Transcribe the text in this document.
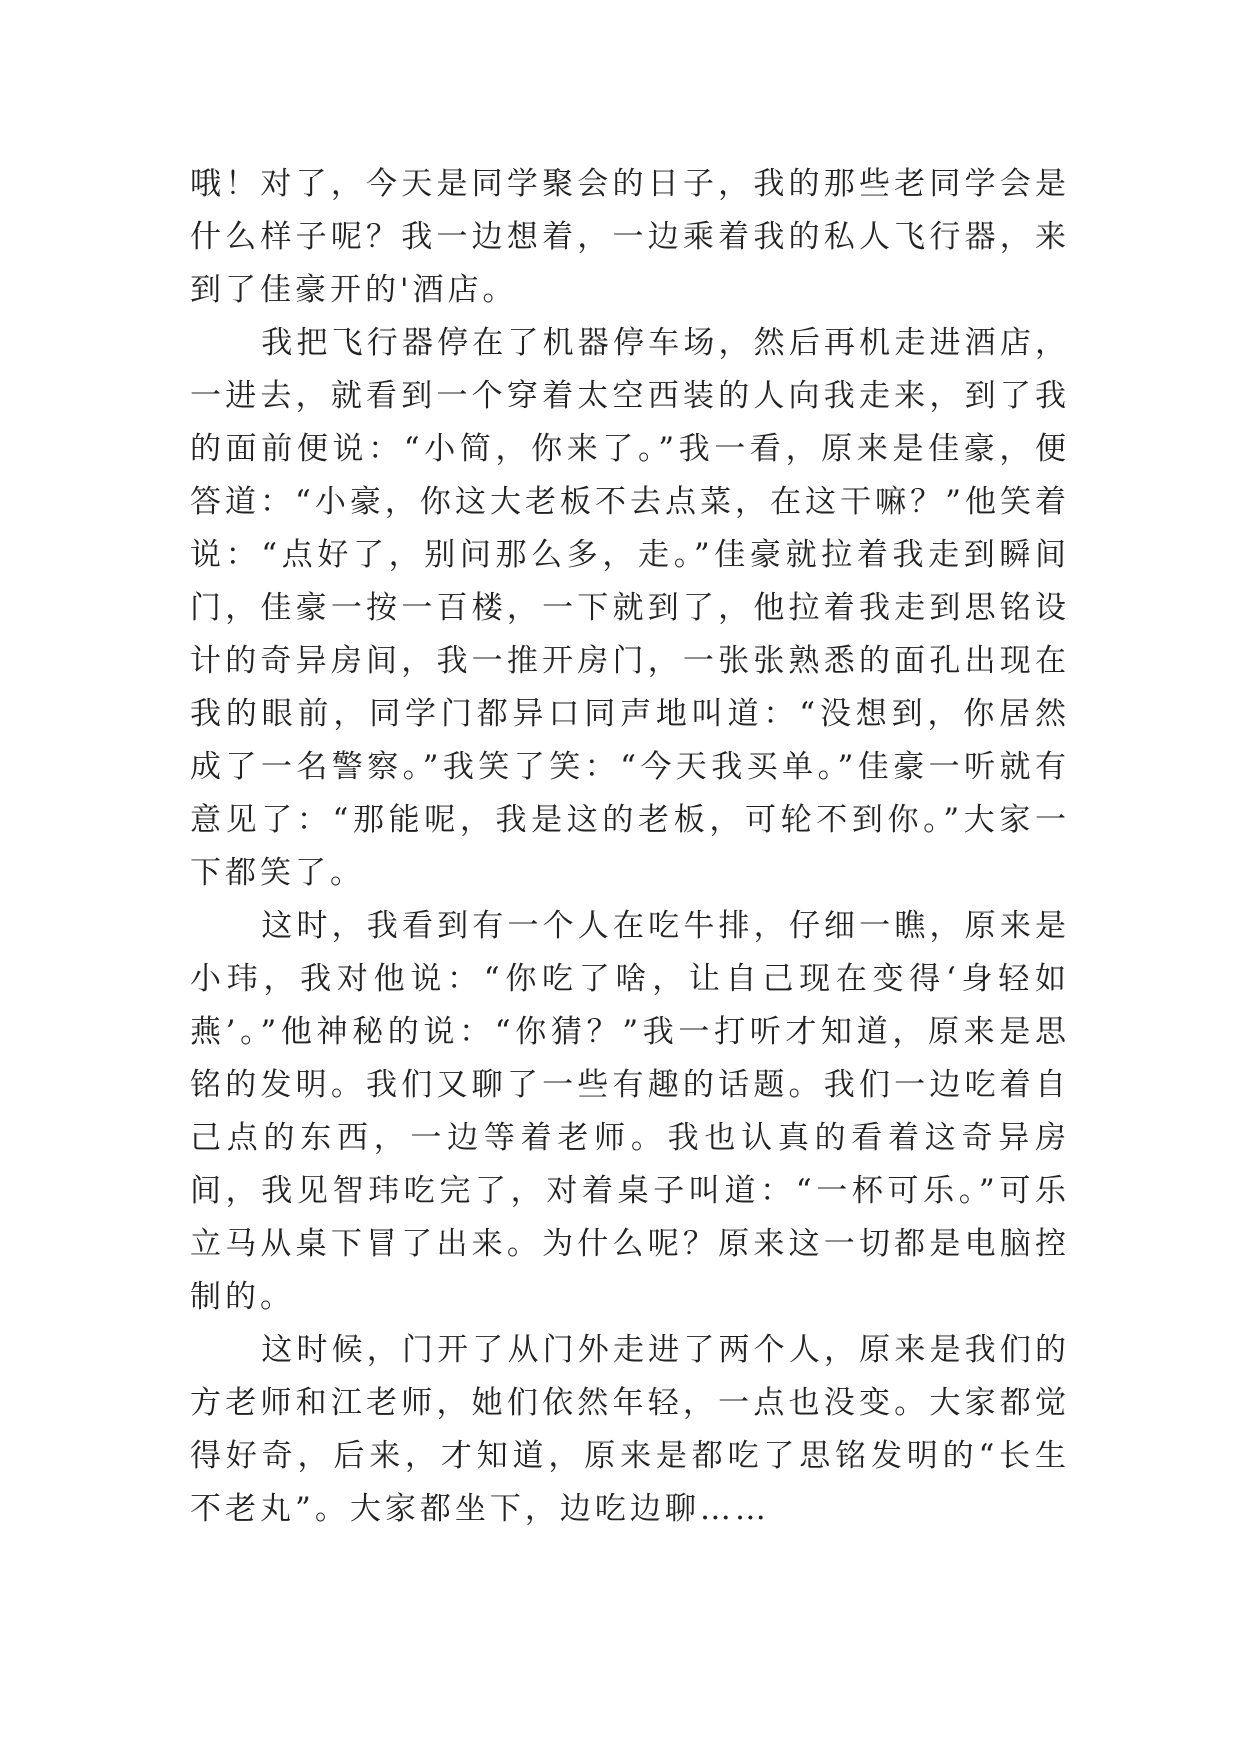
哦！对了，今天是同学聚会的日子，我的那些老同学会是什么样子呢？我一边想着，一边乘着我的私人飞行器，来到了佳豪开的'酒店。

我把飞行器停在了机器停车场，然后再机走进酒店，一进去，就看到一个穿着太空西装的人向我走来，到了我的面前便说：“小简，你来了。”我一看，原来是佳豪，便答道：“小豪，你这大老板不去点菜，在这干嘛？”他笑着说：“点好了，别问那么多，走。”佳豪就拉着我走到瞬间门，佳豪一按一百楼，一下就到了，他拉着我走到思铭设计的奇异房间，我一推开房门，一张张熟悉的面孔出现在我的眼前，同学门都异口同声地叫道：“没想到，你居然成了一名警察。”我笑了笑：“今天我买单。”佳豪一听就有意见了：“那能呢，我是这的老板，可轮不到你。”大家一下都笑了。

这时，我看到有一个人在吃牛排，仔细一瞧，原来是小玮，我对他说：“你吃了啥，让自己现在变得‘身轻如燕’。”他神秘的说：“你猜？”我一打听才知道，原来是思铭的发明。我们又聊了一些有趣的话题。我们一边吃着自己点的东西，一边等着老师。我也认真的看着这奇异房间，我见智玮吃完了，对着桌子叫道：“一杯可乐。”可乐立马从桌下冒了出来。为什么呢？原来这一切都是电脑控制的。

这时候，门开了从门外走进了两个人，原来是我们的方老师和江老师，她们依然年轻，一点也没变。大家都觉得好奇，后来，才知道，原来是都吃了思铭发明的“长生不老丸”。大家都坐下，边吃边聊……
